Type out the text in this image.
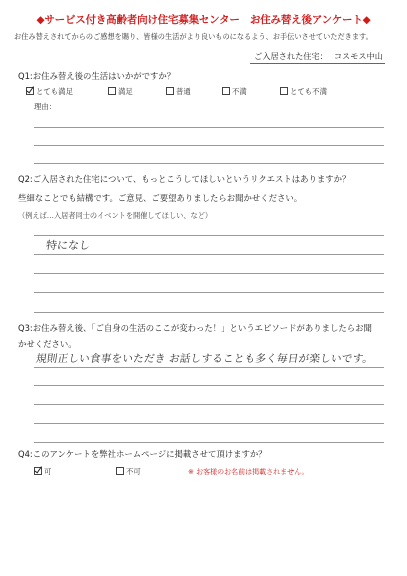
◆サービス付き高齢者向け住宅募集センター　お住み替え後アンケート◆
お住み替えされてからのご感想を賜り、皆様の生活がより良いものになるよう、お手伝いさせていただきます。
ご入居された住宅： コスモス中山
Q1:お住み替え後の生活はいかがですか？
とても満足	満足	普通	不満	とても不満
理由：
Q2:ご入居された住宅について、もっとこうしてほしいというリクエストはありますか？
些細なことでも結構です。ご意見、ご要望ありましたらお聞かせください。
（例えば…入居者同士のイベントを開催してほしい、など）
特になし
Q3:お住み替え後、「ご自身の生活のここが変わった！」というエピソードがありましたらお聞
かせください。
規則正しい食事をいただき お話しすることも多く毎日が楽しいです。
Q4:このアンケートを弊社ホームページに掲載させて頂けますか？
可	不可	※ お客様のお名前は掲載されません。
